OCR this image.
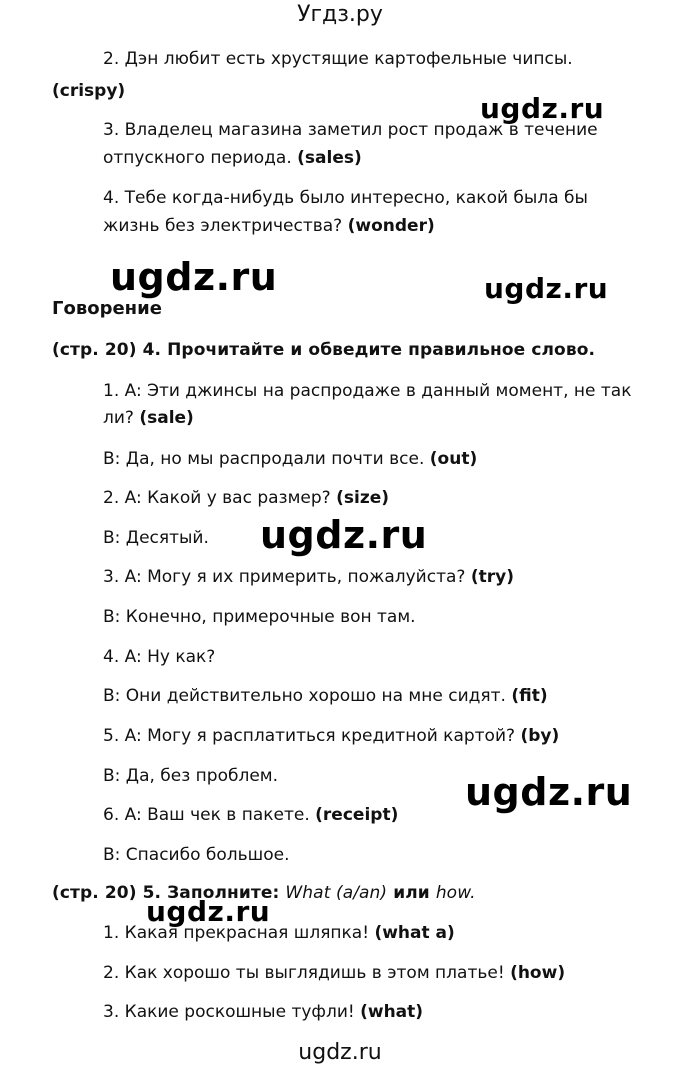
Угдз.ру
2. Дэн любит есть хрустящие картофельные чипсы.
(crispy)
3. Владелец магазина заметил рост продаж в течение
отпускного периода. (sales)
4. Тебе когда-нибудь было интересно, какой была бы
жизнь без электричества? (wonder)
Говорение
(стр. 20) 4. Прочитайте и обведите правильное слово.
1. A: Эти джинсы на распродаже в данный момент, не так
ли? (sale)
B: Да, но мы распродали почти все. (out)
2. A: Какой у вас размер? (size)
B: Десятый.
3. A: Могу я их примерить, пожалуйста? (try)
B: Конечно, примерочные вон там.
4. A: Ну как?
B: Они действительно хорошо на мне сидят. (fit)
5. A: Могу я расплатиться кредитной картой? (by)
B: Да, без проблем.
6. A: Ваш чек в пакете. (receipt)
B: Спасибо большое.
(стр. 20) 5. Заполните: What (a/an) или how.
1. Какая прекрасная шляпка! (what a)
2. Как хорошо ты выглядишь в этом платье! (how)
3. Какие роскошные туфли! (what)
ugdz.ru
ugdz.ru	ugdz.ru
ugdz.ru
ugdz.ru
ugdz.ru
ugdz.ru
